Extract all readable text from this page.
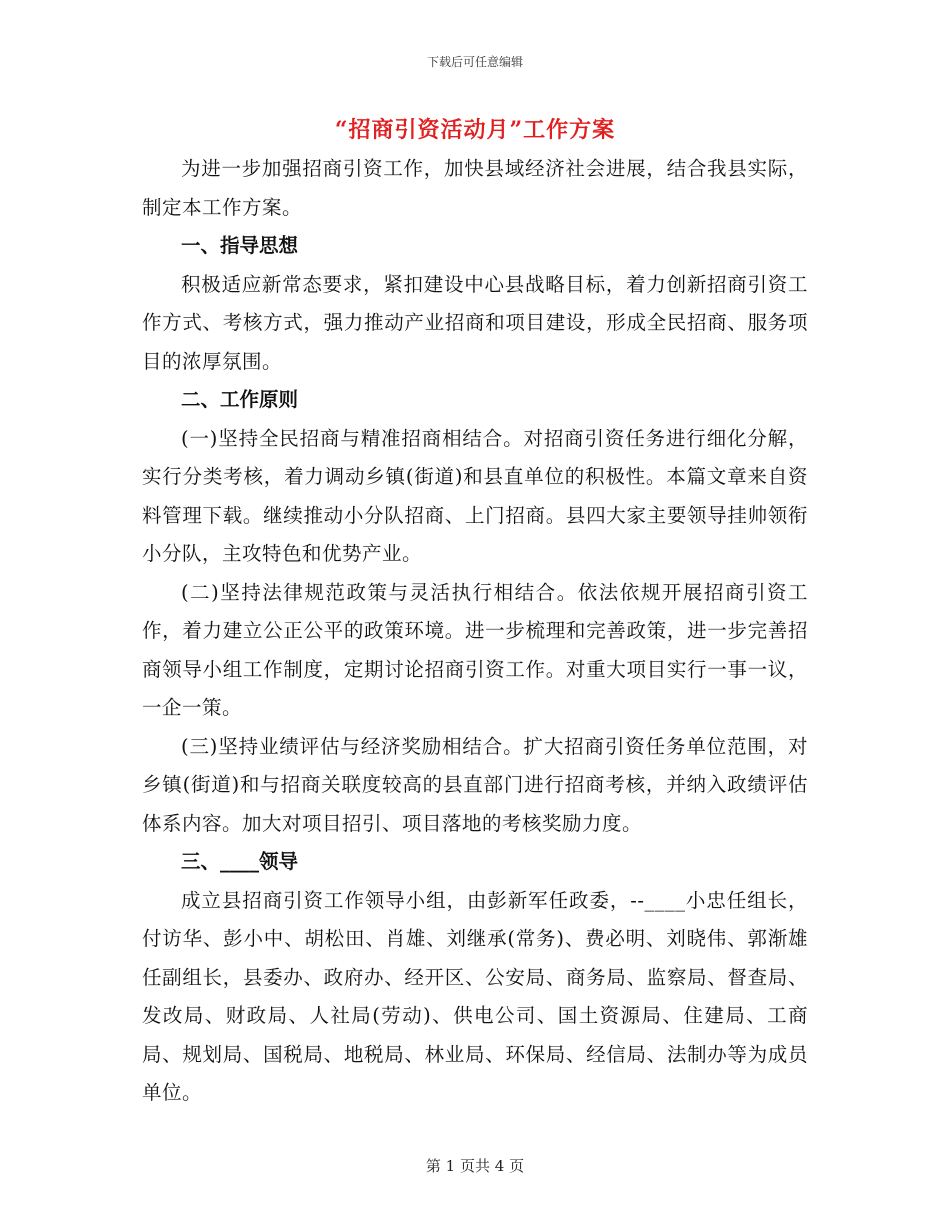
下载后可任意编辑
“招商引资活动月”工作方案

为进一步加强招商引资工作，加快县域经济社会进展，结合我县实际，制定本工作方案。

一、指导思想

积极适应新常态要求，紧扣建设中心县战略目标，着力创新招商引资工作方式、考核方式，强力推动产业招商和项目建设，形成全民招商、服务项目的浓厚氛围。

二、工作原则

(一)坚持全民招商与精准招商相结合。对招商引资任务进行细化分解，实行分类考核，着力调动乡镇(街道)和县直单位的积极性。本篇文章来自资料管理下载。继续推动小分队招商、上门招商。县四大家主要领导挂帅领衔小分队，主攻特色和优势产业。

(二)坚持法律规范政策与灵活执行相结合。依法依规开展招商引资工作，着力建立公正公平的政策环境。进一步梳理和完善政策，进一步完善招商领导小组工作制度，定期讨论招商引资工作。对重大项目实行一事一议，一企一策。

(三)坚持业绩评估与经济奖励相结合。扩大招商引资任务单位范围，对乡镇(街道)和与招商关联度较高的县直部门进行招商考核，并纳入政绩评估体系内容。加大对项目招引、项目落地的考核奖励力度。

三、____领导

成立县招商引资工作领导小组，由彭新军任政委，--____小忠任组长，付访华、彭小中、胡松田、肖雄、刘继承(常务)、费必明、刘晓伟、郭渐雄任副组长，县委办、政府办、经开区、公安局、商务局、监察局、督查局、发改局、财政局、人社局(劳动)、供电公司、国土资源局、住建局、工商局、规划局、国税局、地税局、林业局、环保局、经信局、法制办等为成员单位。

第 1 页共 4 页
